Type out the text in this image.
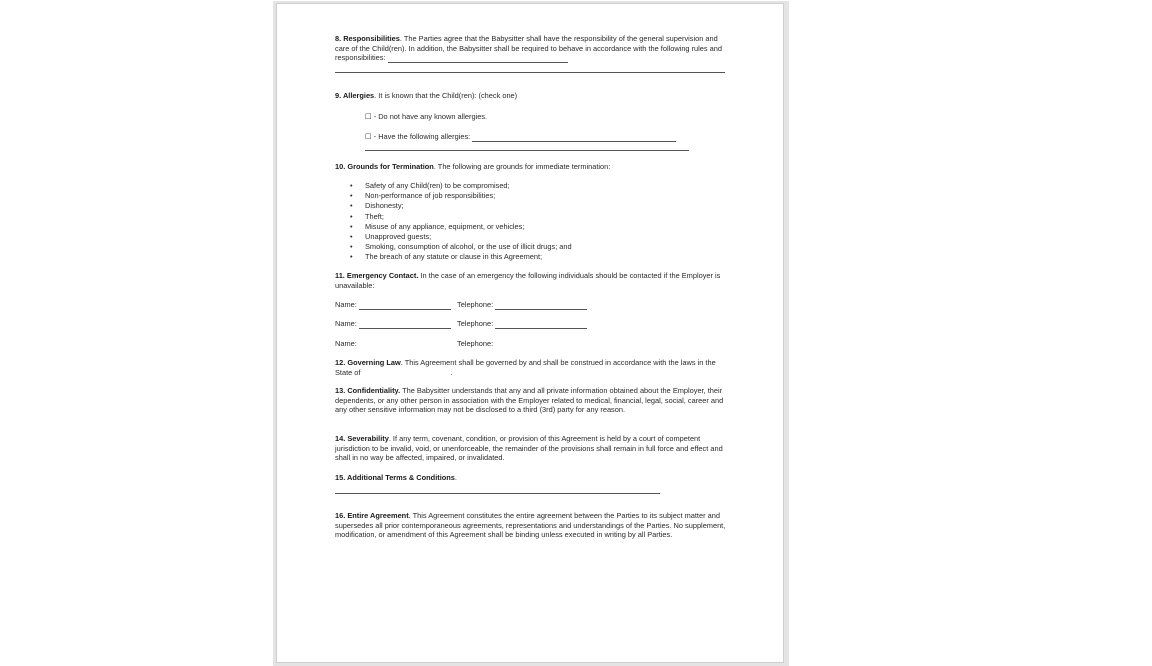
8. Responsibilities. The Parties agree that the Babysitter shall have the responsibility of the general supervision and care of the Child(ren). In addition, the Babysitter shall be required to behave in accordance with the following rules and responsibilities:

9. Allergies. It is known that the Child(ren): (check one)

☐ - Do not have any known allergies.
☐ - Have the following allergies:

10. Grounds for Termination. The following are grounds for immediate termination:

• Safety of any Child(ren) to be compromised;
• Non-performance of job responsibilities;
• Dishonesty;
• Theft;
• Misuse of any appliance, equipment, or vehicles;
• Unapproved guests;
• Smoking, consumption of alcohol, or the use of illicit drugs; and
• The breach of any statute or clause in this Agreement;

11. Emergency Contact. In the case of an emergency the following individuals should be contacted if the Employer is unavailable:

Name:	Telephone:
Name:	Telephone:
Name:	Telephone:

12. Governing Law. This Agreement shall be governed by and shall be construed in accordance with the laws in the State of	.

13. Confidentiality. The Babysitter understands that any and all private information obtained about the Employer, their dependents, or any other person in association with the Employer related to medical, financial, legal, social, career and any other sensitive information may not be disclosed to a third (3rd) party for any reason.

14. Severability. If any term, covenant, condition, or provision of this Agreement is held by a court of competent jurisdiction to be invalid, void, or unenforceable, the remainder of the provisions shall remain in full force and effect and shall in no way be affected, impaired, or invalidated.

15. Additional Terms & Conditions.

16. Entire Agreement. This Agreement constitutes the entire agreement between the Parties to its subject matter and supersedes all prior contemporaneous agreements, representations and understandings of the Parties. No supplement, modification, or amendment of this Agreement shall be binding unless executed in writing by all Parties.
